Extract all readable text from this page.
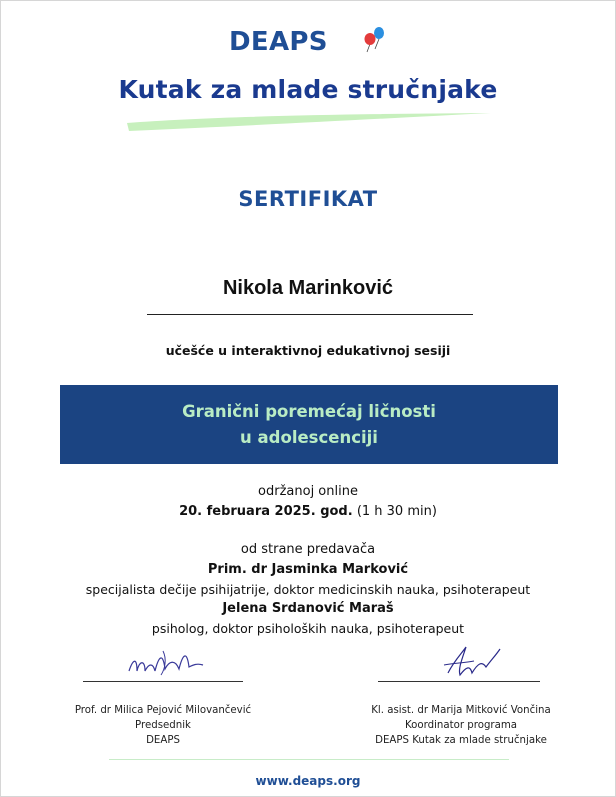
DEAPS
Kutak za mlade stručnjake
SERTIFIKAT
Nikola Marinković
učešće u interaktivnoj edukativnoj sesiji
Granični poremećaj ličnosti
u adolescenciji
održanoj online
20. februara 2025. god. (1 h 30 min)
od strane predavača
Prim. dr Jasminka Marković
specijalista dečije psihijatrije, doktor medicinskih nauka, psihoterapeut
Jelena Srdanović Maraš
psiholog, doktor psiholoških nauka, psihoterapeut
Prof. dr Milica Pejović Milovančević
Predsednik
DEAPS
Kl. asist. dr Marija Mitković Vončina
Koordinator programa
DEAPS Kutak za mlade stručnjake
www.deaps.org
